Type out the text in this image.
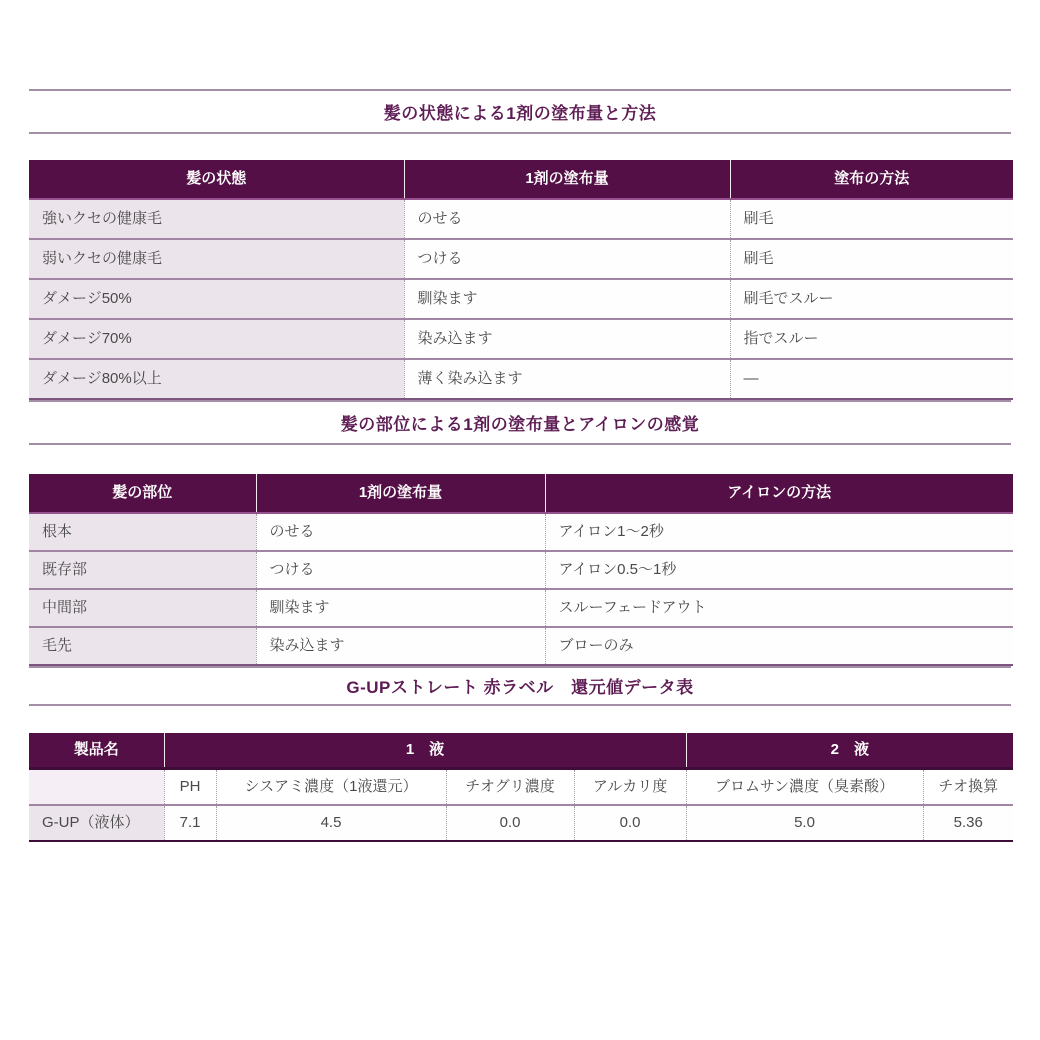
髪の状態による1剤の塗布量と方法
髪の状態	1剤の塗布量	塗布の方法
強いクセの健康毛	のせる	刷毛
弱いクセの健康毛	つける	刷毛
ダメージ50%	馴染ます	刷毛でスルー
ダメージ70%	染み込ます	指でスルー
ダメージ80%以上	薄く染み込ます	—
髪の部位による1剤の塗布量とアイロンの感覚
髪の部位	1剤の塗布量	アイロンの方法
根本	のせる	アイロン1〜2秒
既存部	つける	アイロン0.5〜1秒
中間部	馴染ます	スルーフェードアウト
毛先	染み込ます	ブローのみ
G-UPストレート 赤ラベル　還元値データ表
製品名	1　液				2　液	
	PH	シスアミ濃度（1液還元）	チオグリ濃度	アルカリ度	ブロムサン濃度（臭素酸）	チオ換算
G-UP（液体）	7.1	4.5	0.0	0.0	5.0	5.36
